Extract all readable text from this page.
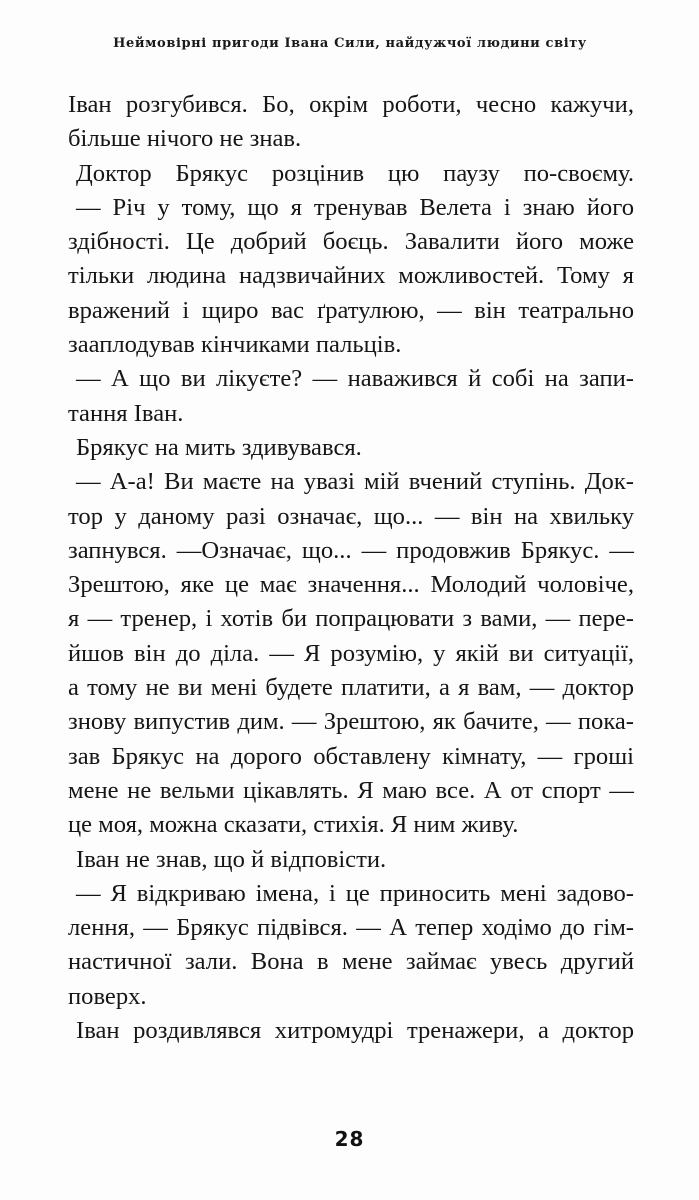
Неймовірні пригоди Івана Сили, найдужчої людини світу
Іван розгубився. Бо, окрім роботи, чесно кажучи,
більше нічого не знав.
Доктор Брякус розцінив цю паузу по-своєму.
— Річ у тому, що я тренував Велета і знаю його
здібності. Це добрий боєць. Завалити його може
тільки людина надзвичайних можливостей. Тому я
вражений і щиро вас ґратулюю, — він театрально
зааплодував кінчиками пальців.
— А що ви лікуєте? — наважився й собі на запи-
тання Іван.
Брякус на мить здивувався.
— А-а! Ви маєте на увазі мій вчений ступінь. Док-
тор у даному разі означає, що... — він на хвильку
запнувся. —Означає, що... — продовжив Брякус. —
Зрештою, яке це має значення... Молодий чоловіче,
я — тренер, і хотів би попрацювати з вами, — пере-
йшов він до діла. — Я розумію, у якій ви ситуації,
а тому не ви мені будете платити, а я вам, — доктор
знову випустив дим. — Зрештою, як бачите, — пока-
зав Брякус на дорого обставлену кімнату, — гроші
мене не вельми цікавлять. Я маю все. А от спорт —
це моя, можна сказати, стихія. Я ним живу.
Іван не знав, що й відповісти.
— Я відкриваю імена, і це приносить мені задово-
лення, — Брякус підвівся. — А тепер ходімо до гім-
настичної зали. Вона в мене займає увесь другий
поверх.
Іван роздивлявся хитромудрі тренажери, а доктор
28
